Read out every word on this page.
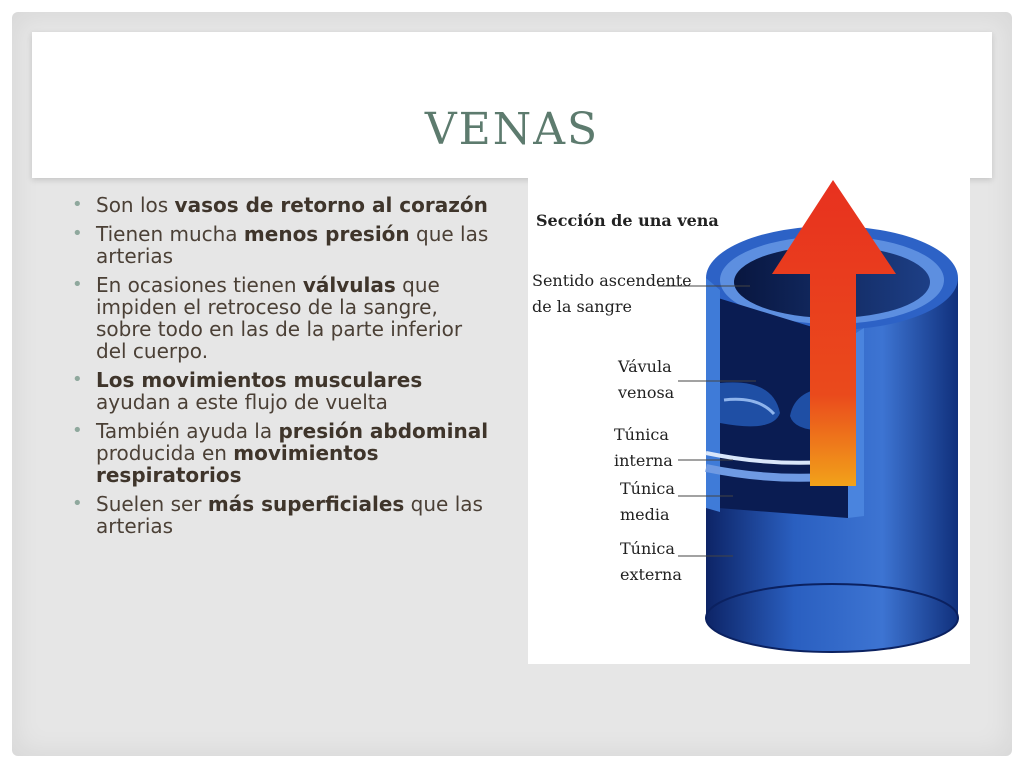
VENAS
• Son los vasos de retorno al corazón
• Tienen mucha menos presión que las arterias
• En ocasiones tienen válvulas que impiden el retroceso de la sangre, sobre todo en las de la parte inferior del cuerpo.
• Los movimientos musculares ayudan a este flujo de vuelta
• También ayuda la presión abdominal producida en movimientos respiratorios
• Suelen ser más superficiales que las arterias
Sección de una vena
Sentido ascendente
de la sangre
Vávula
venosa
Túnica
interna
Túnica
media
Túnica
externa
